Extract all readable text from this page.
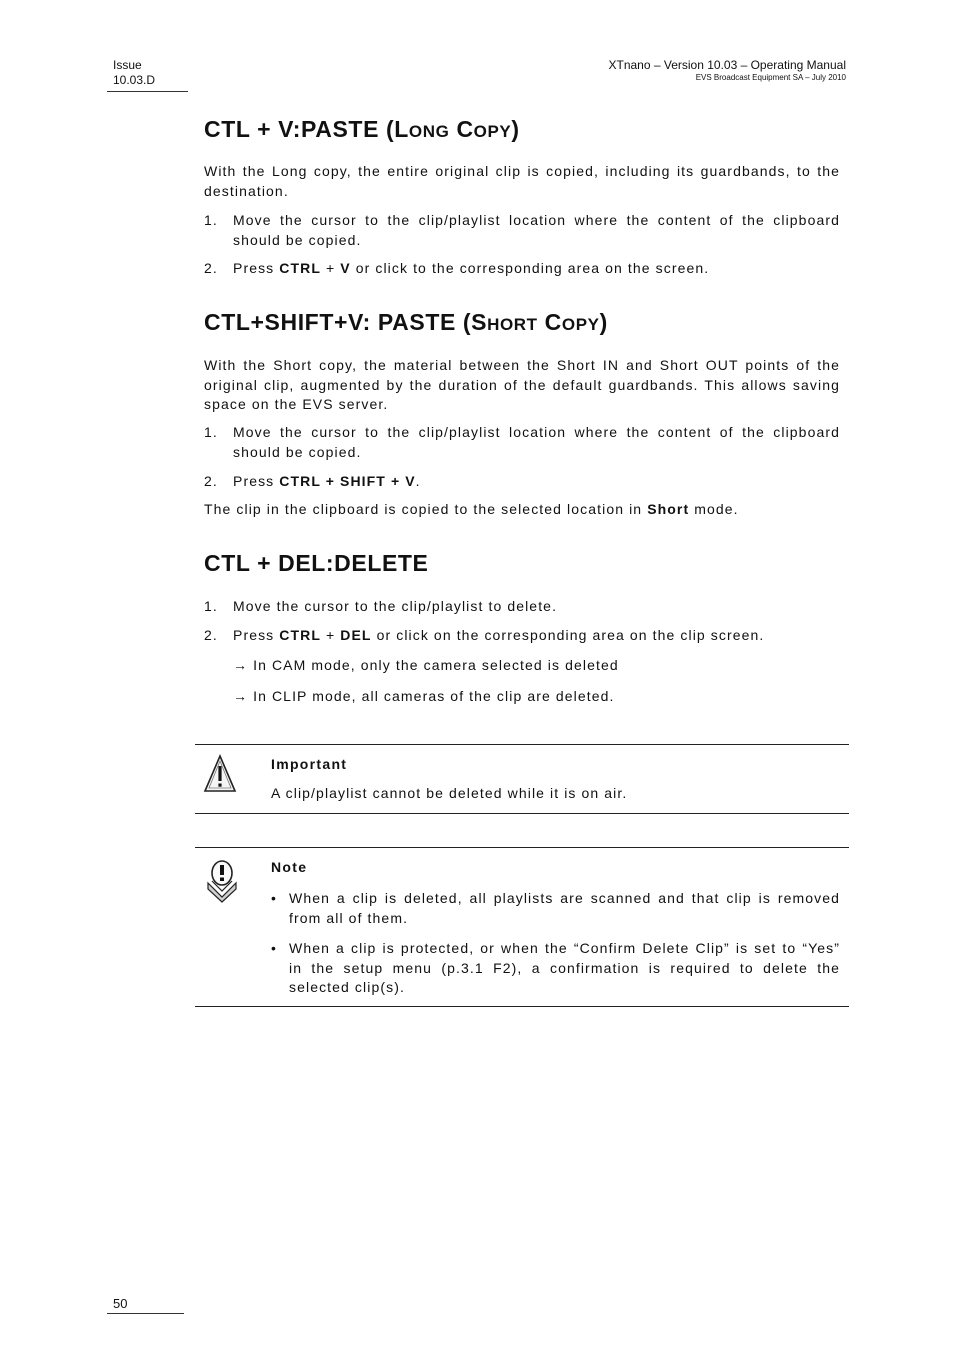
Issue
10.03.D
XTnano – Version 10.03 – Operating Manual
EVS Broadcast Equipment SA – July 2010
CTL + V:PASTE (LONG COPY)
With the Long copy, the entire original clip is copied, including its guardbands, to the destination.
1. Move the cursor to the clip/playlist location where the content of the clipboard should be copied.
2. Press CTRL + V or click to the corresponding area on the screen.
CTL+SHIFT+V: PASTE (SHORT COPY)
With the Short copy, the material between the Short IN and Short OUT points of the original clip, augmented by the duration of the default guardbands. This allows saving space on the EVS server.
1. Move the cursor to the clip/playlist location where the content of the clipboard should be copied.
2. Press CTRL + SHIFT + V.
The clip in the clipboard is copied to the selected location in Short mode.
CTL + DEL:DELETE
1. Move the cursor to the clip/playlist to delete.
2. Press CTRL + DEL or click on the corresponding area on the clip screen.
→ In CAM mode, only the camera selected is deleted
→ In CLIP mode, all cameras of the clip are deleted.
Important
A clip/playlist cannot be deleted while it is on air.
Note
• When a clip is deleted, all playlists are scanned and that clip is removed from all of them.
• When a clip is protected, or when the “Confirm Delete Clip” is set to “Yes” in the setup menu (p.3.1 F2), a confirmation is required to delete the selected clip(s).
50
